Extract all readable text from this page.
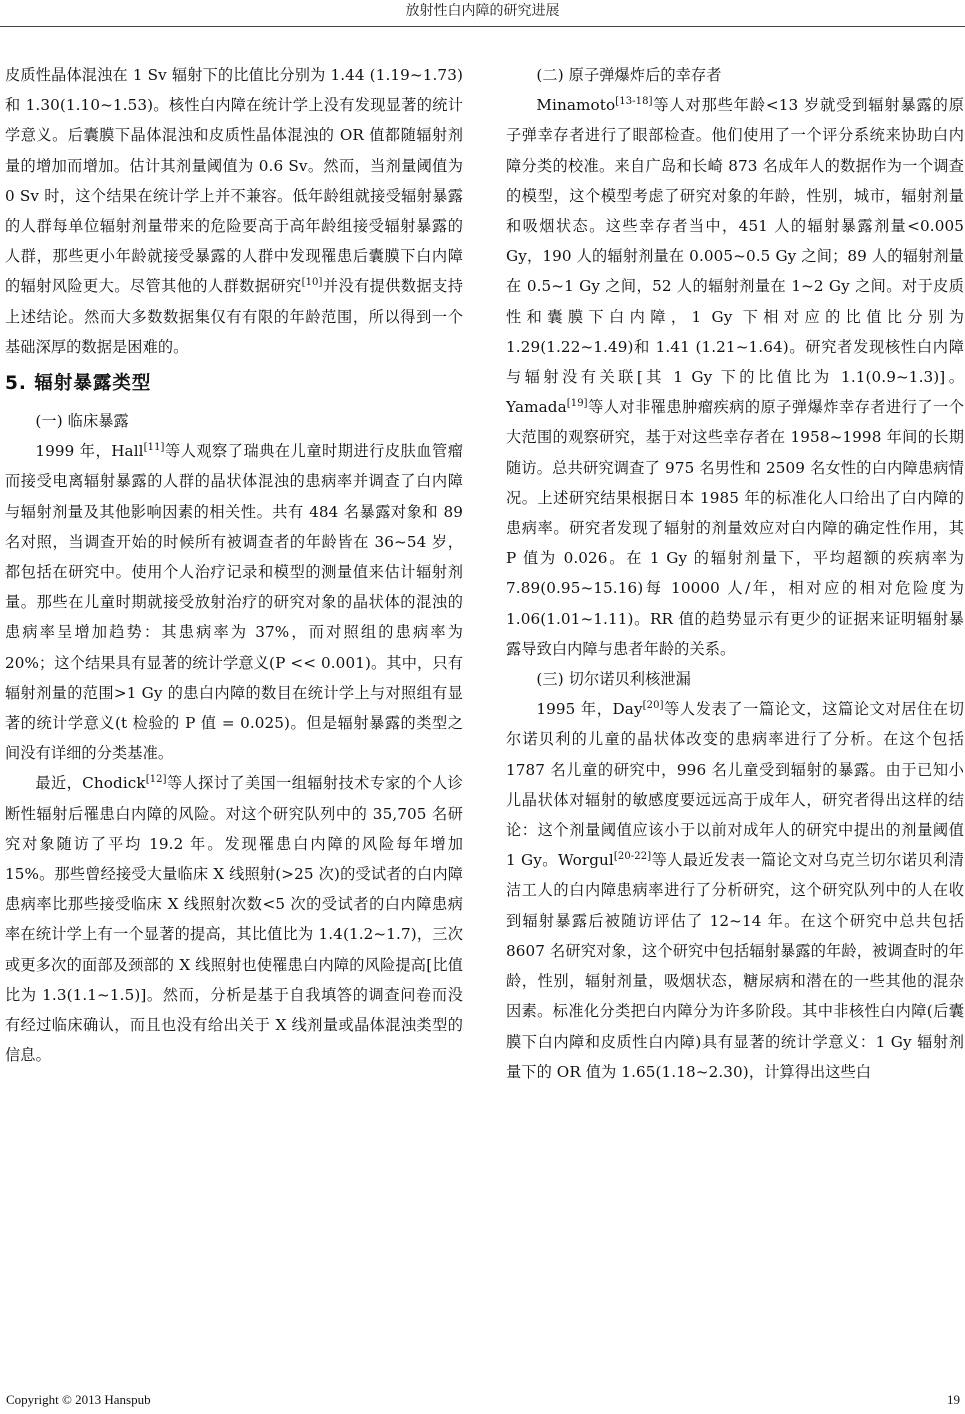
放射性白内障的研究进展

皮质性晶体混浊在 1 Sv 辐射下的比值比分别为 1.44 (1.19~1.73)和 1.30(1.10~1.53)。核性白内障在统计学上没有发现显著的统计学意义。后囊膜下晶体混浊和皮质性晶体混浊的 OR 值都随辐射剂量的增加而增加。估计其剂量阈值为 0.6 Sv。然而，当剂量阈值为 0 Sv 时，这个结果在统计学上并不兼容。低年龄组就接受辐射暴露的人群每单位辐射剂量带来的危险要高于高年龄组接受辐射暴露的人群，那些更小年龄就接受暴露的人群中发现罹患后囊膜下白内障的辐射风险更大。尽管其他的人群数据研究[10]并没有提供数据支持上述结论。然而大多数数据集仅有有限的年龄范围，所以得到一个基础深厚的数据是困难的。

5. 辐射暴露类型

(一) 临床暴露

1999 年，Hall[11]等人观察了瑞典在儿童时期进行皮肤血管瘤而接受电离辐射暴露的人群的晶状体混浊的患病率并调查了白内障与辐射剂量及其他影响因素的相关性。共有 484 名暴露对象和 89 名对照，当调查开始的时候所有被调查者的年龄皆在 36~54 岁，都包括在研究中。使用个人治疗记录和模型的测量值来估计辐射剂量。那些在儿童时期就接受放射治疗的研究对象的晶状体的混浊的患病率呈增加趋势：其患病率为 37%，而对照组的患病率为 20%；这个结果具有显著的统计学意义(P << 0.001)。其中，只有辐射剂量的范围>1 Gy 的患白内障的数目在统计学上与对照组有显著的统计学意义(t 检验的 P 值 = 0.025)。但是辐射暴露的类型之间没有详细的分类基准。

最近，Chodick[12]等人探讨了美国一组辐射技术专家的个人诊断性辐射后罹患白内障的风险。对这个研究队列中的 35,705 名研究对象随访了平均 19.2 年。发现罹患白内障的风险每年增加 15%。那些曾经接受大量临床 X 线照射(>25 次)的受试者的白内障患病率比那些接受临床 X 线照射次数<5 次的受试者的白内障患病率在统计学上有一个显著的提高，其比值比为 1.4(1.2~1.7)，三次或更多次的面部及颈部的 X 线照射也使罹患白内障的风险提高[比值比为 1.3(1.1~1.5)]。然而，分析是基于自我填答的调查问卷而没有经过临床确认，而且也没有给出关于 X 线剂量或晶体混浊类型的信息。

(二) 原子弹爆炸后的幸存者

Minamoto[13-18]等人对那些年龄<13 岁就受到辐射暴露的原子弹幸存者进行了眼部检查。他们使用了一个评分系统来协助白内障分类的校准。来自广岛和长崎 873 名成年人的数据作为一个调查的模型，这个模型考虑了研究对象的年龄，性别，城市，辐射剂量和吸烟状态。这些幸存者当中，451 人的辐射暴露剂量<0.005 Gy，190 人的辐射剂量在 0.005~0.5 Gy 之间；89 人的辐射剂量在 0.5~1 Gy 之间，52 人的辐射剂量在 1~2 Gy 之间。对于皮质性和囊膜下白内障，1 Gy 下相对应的比值比分别为 1.29(1.22~1.49)和 1.41 (1.21~1.64)。研究者发现核性白内障与辐射没有关联[其 1 Gy 下的比值比为 1.1(0.9~1.3)]。Yamada[19]等人对非罹患肿瘤疾病的原子弹爆炸幸存者进行了一个大范围的观察研究，基于对这些幸存者在 1958~1998 年间的长期随访。总共研究调查了 975 名男性和 2509 名女性的白内障患病情况。上述研究结果根据日本 1985 年的标准化人口给出了白内障的患病率。研究者发现了辐射的剂量效应对白内障的确定性作用，其 P 值为 0.026。在 1 Gy 的辐射剂量下，平均超额的疾病率为 7.89(0.95~15.16)每 10000 人/年，相对应的相对危险度为 1.06(1.01~1.11)。RR 值的趋势显示有更少的证据来证明辐射暴露导致白内障与患者年龄的关系。

(三) 切尔诺贝利核泄漏

1995 年，Day[20]等人发表了一篇论文，这篇论文对居住在切尔诺贝利的儿童的晶状体改变的患病率进行了分析。在这个包括 1787 名儿童的研究中，996 名儿童受到辐射的暴露。由于已知小儿晶状体对辐射的敏感度要远远高于成年人，研究者得出这样的结论：这个剂量阈值应该小于以前对成年人的研究中提出的剂量阈值 1 Gy。Worgul[20-22]等人最近发表一篇论文对乌克兰切尔诺贝利清洁工人的白内障患病率进行了分析研究，这个研究队列中的人在收到辐射暴露后被随访评估了 12~14 年。在这个研究中总共包括 8607 名研究对象，这个研究中包括辐射暴露的年龄，被调查时的年龄，性别，辐射剂量，吸烟状态，糖尿病和潜在的一些其他的混杂因素。标准化分类把白内障分为许多阶段。其中非核性白内障(后囊膜下白内障和皮质性白内障)具有显著的统计学意义：1 Gy 辐射剂量下的 OR 值为 1.65(1.18~2.30)，计算得出这些白

Copyright © 2013 Hanspub	19
